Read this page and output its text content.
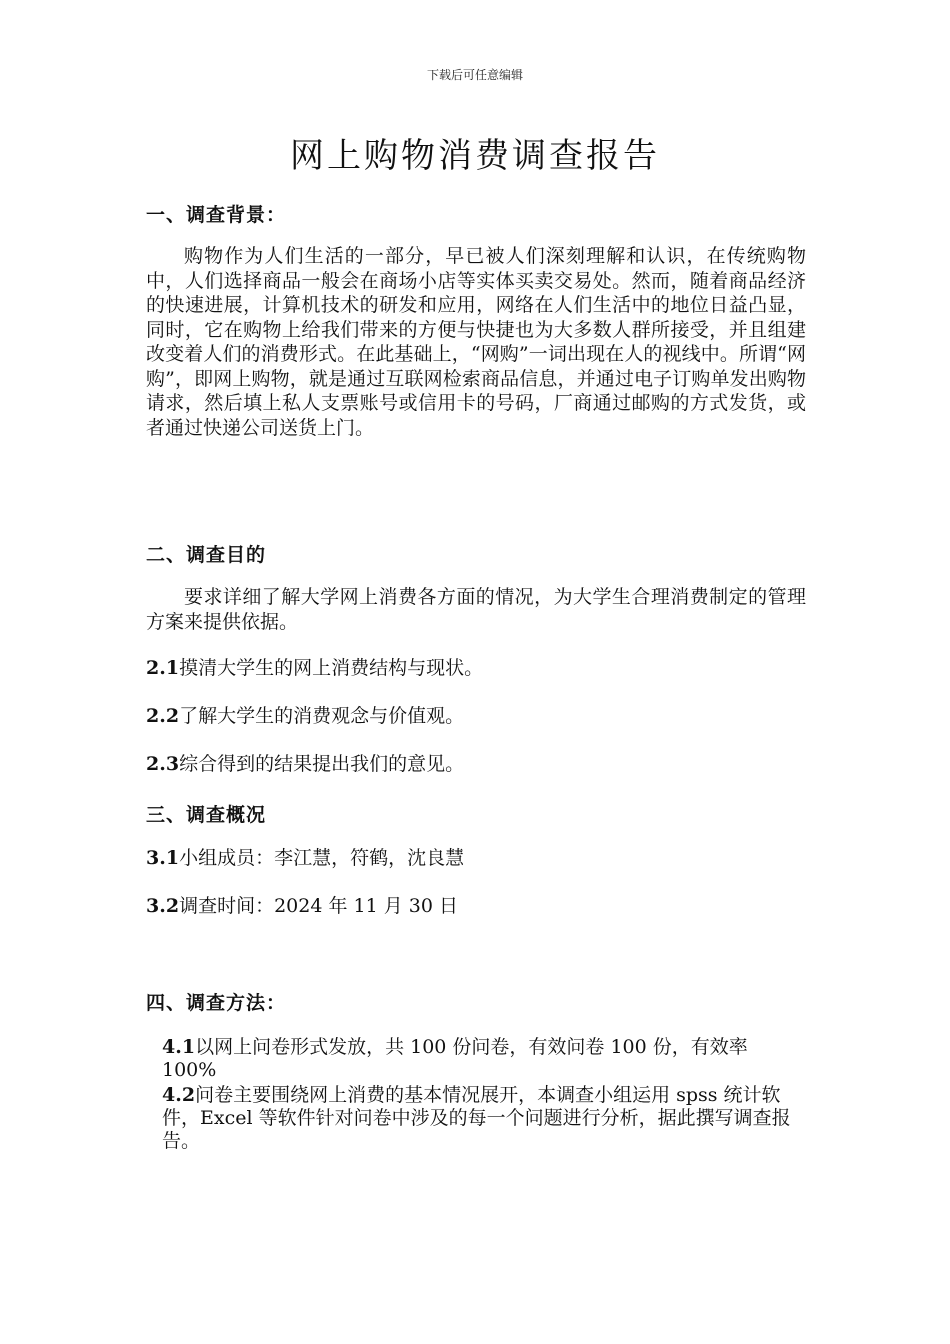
下载后可任意编辑
网上购物消费调查报告
一、调查背景：

购物作为人们生活的一部分，早已被人们深刻理解和认识，在传统购物中，人们选择商品一般会在商场小店等实体买卖交易处。然而，随着商品经济的快速进展，计算机技术的研发和应用，网络在人们生活中的地位日益凸显，同时，它在购物上给我们带来的方便与快捷也为大多数人群所接受，并且组建改变着人们的消费形式。在此基础上，“网购”一词出现在人的视线中。所谓“网购”，即网上购物，就是通过互联网检索商品信息，并通过电子订购单发出购物请求，然后填上私人支票账号或信用卡的号码，厂商通过邮购的方式发货，或者通过快递公司送货上门。

二、调查目的

要求详细了解大学网上消费各方面的情况，为大学生合理消费制定的管理方案来提供依据。

2.1摸清大学生的网上消费结构与现状。

2.2了解大学生的消费观念与价值观。

2.3综合得到的结果提出我们的意见。

三、调查概况

3.1小组成员：李江慧，符鹤，沈良慧

3.2调查时间：2024 年 11 月 30 日

四、调查方法：

4.1以网上问卷形式发放，共 100 份问卷，有效问卷 100 份，有效率 100%

4.2问卷主要围绕网上消费的基本情况展开，本调查小组运用 spss 统计软件，Excel 等软件针对问卷中涉及的每一个问题进行分析，据此撰写调查报告。
